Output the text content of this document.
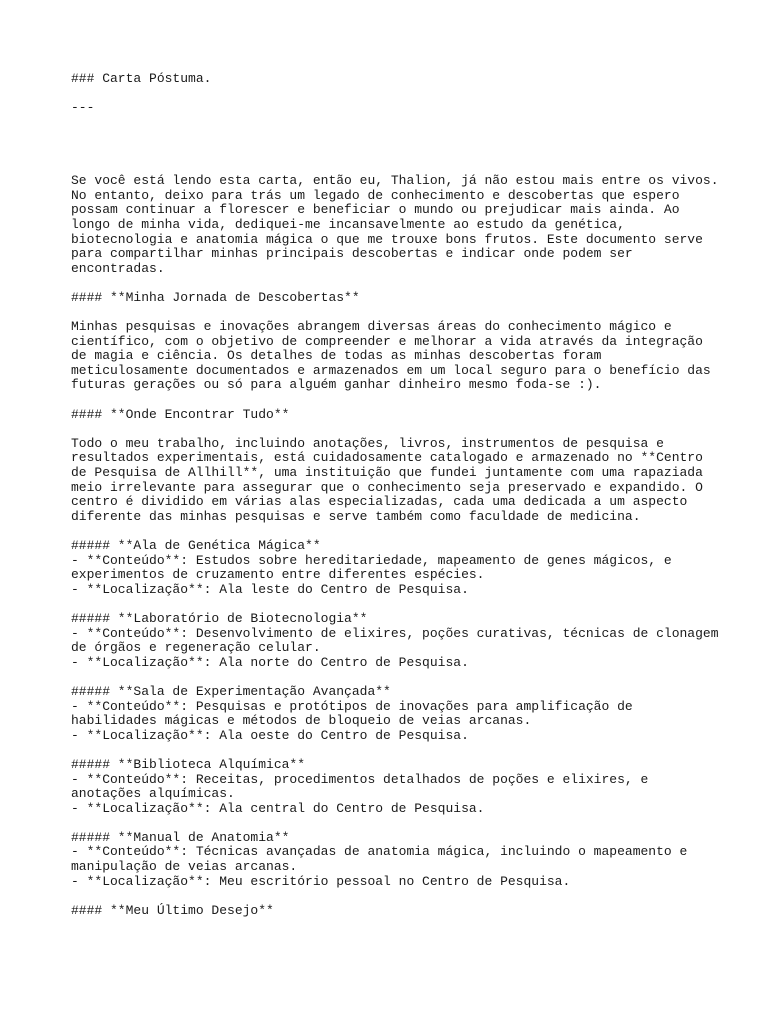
### Carta Póstuma.
---
Se você está lendo esta carta, então eu, Thalion, já não estou mais entre os vivos.
No entanto, deixo para trás um legado de conhecimento e descobertas que espero
possam continuar a florescer e beneficiar o mundo ou prejudicar mais ainda. Ao
longo de minha vida, dediquei-me incansavelmente ao estudo da genética,
biotecnologia e anatomia mágica o que me trouxe bons frutos. Este documento serve
para compartilhar minhas principais descobertas e indicar onde podem ser
encontradas.
#### **Minha Jornada de Descobertas**
Minhas pesquisas e inovações abrangem diversas áreas do conhecimento mágico e
científico, com o objetivo de compreender e melhorar a vida através da integração
de magia e ciência. Os detalhes de todas as minhas descobertas foram
meticulosamente documentados e armazenados em um local seguro para o benefício das
futuras gerações ou só para alguém ganhar dinheiro mesmo foda-se :).
#### **Onde Encontrar Tudo**
Todo o meu trabalho, incluindo anotações, livros, instrumentos de pesquisa e
resultados experimentais, está cuidadosamente catalogado e armazenado no **Centro
de Pesquisa de Allhill**, uma instituição que fundei juntamente com uma rapaziada
meio irrelevante para assegurar que o conhecimento seja preservado e expandido. O
centro é dividido em várias alas especializadas, cada uma dedicada a um aspecto
diferente das minhas pesquisas e serve também como faculdade de medicina.
##### **Ala de Genética Mágica**
- **Conteúdo**: Estudos sobre hereditariedade, mapeamento de genes mágicos, e
experimentos de cruzamento entre diferentes espécies.
- **Localização**: Ala leste do Centro de Pesquisa.
##### **Laboratório de Biotecnologia**
- **Conteúdo**: Desenvolvimento de elixires, poções curativas, técnicas de clonagem
de órgãos e regeneração celular.
- **Localização**: Ala norte do Centro de Pesquisa.
##### **Sala de Experimentação Avançada**
- **Conteúdo**: Pesquisas e protótipos de inovações para amplificação de
habilidades mágicas e métodos de bloqueio de veias arcanas.
- **Localização**: Ala oeste do Centro de Pesquisa.
##### **Biblioteca Alquímica**
- **Conteúdo**: Receitas, procedimentos detalhados de poções e elixires, e
anotações alquímicas.
- **Localização**: Ala central do Centro de Pesquisa.
##### **Manual de Anatomia**
- **Conteúdo**: Técnicas avançadas de anatomia mágica, incluindo o mapeamento e
manipulação de veias arcanas.
- **Localização**: Meu escritório pessoal no Centro de Pesquisa.
#### **Meu Último Desejo**
